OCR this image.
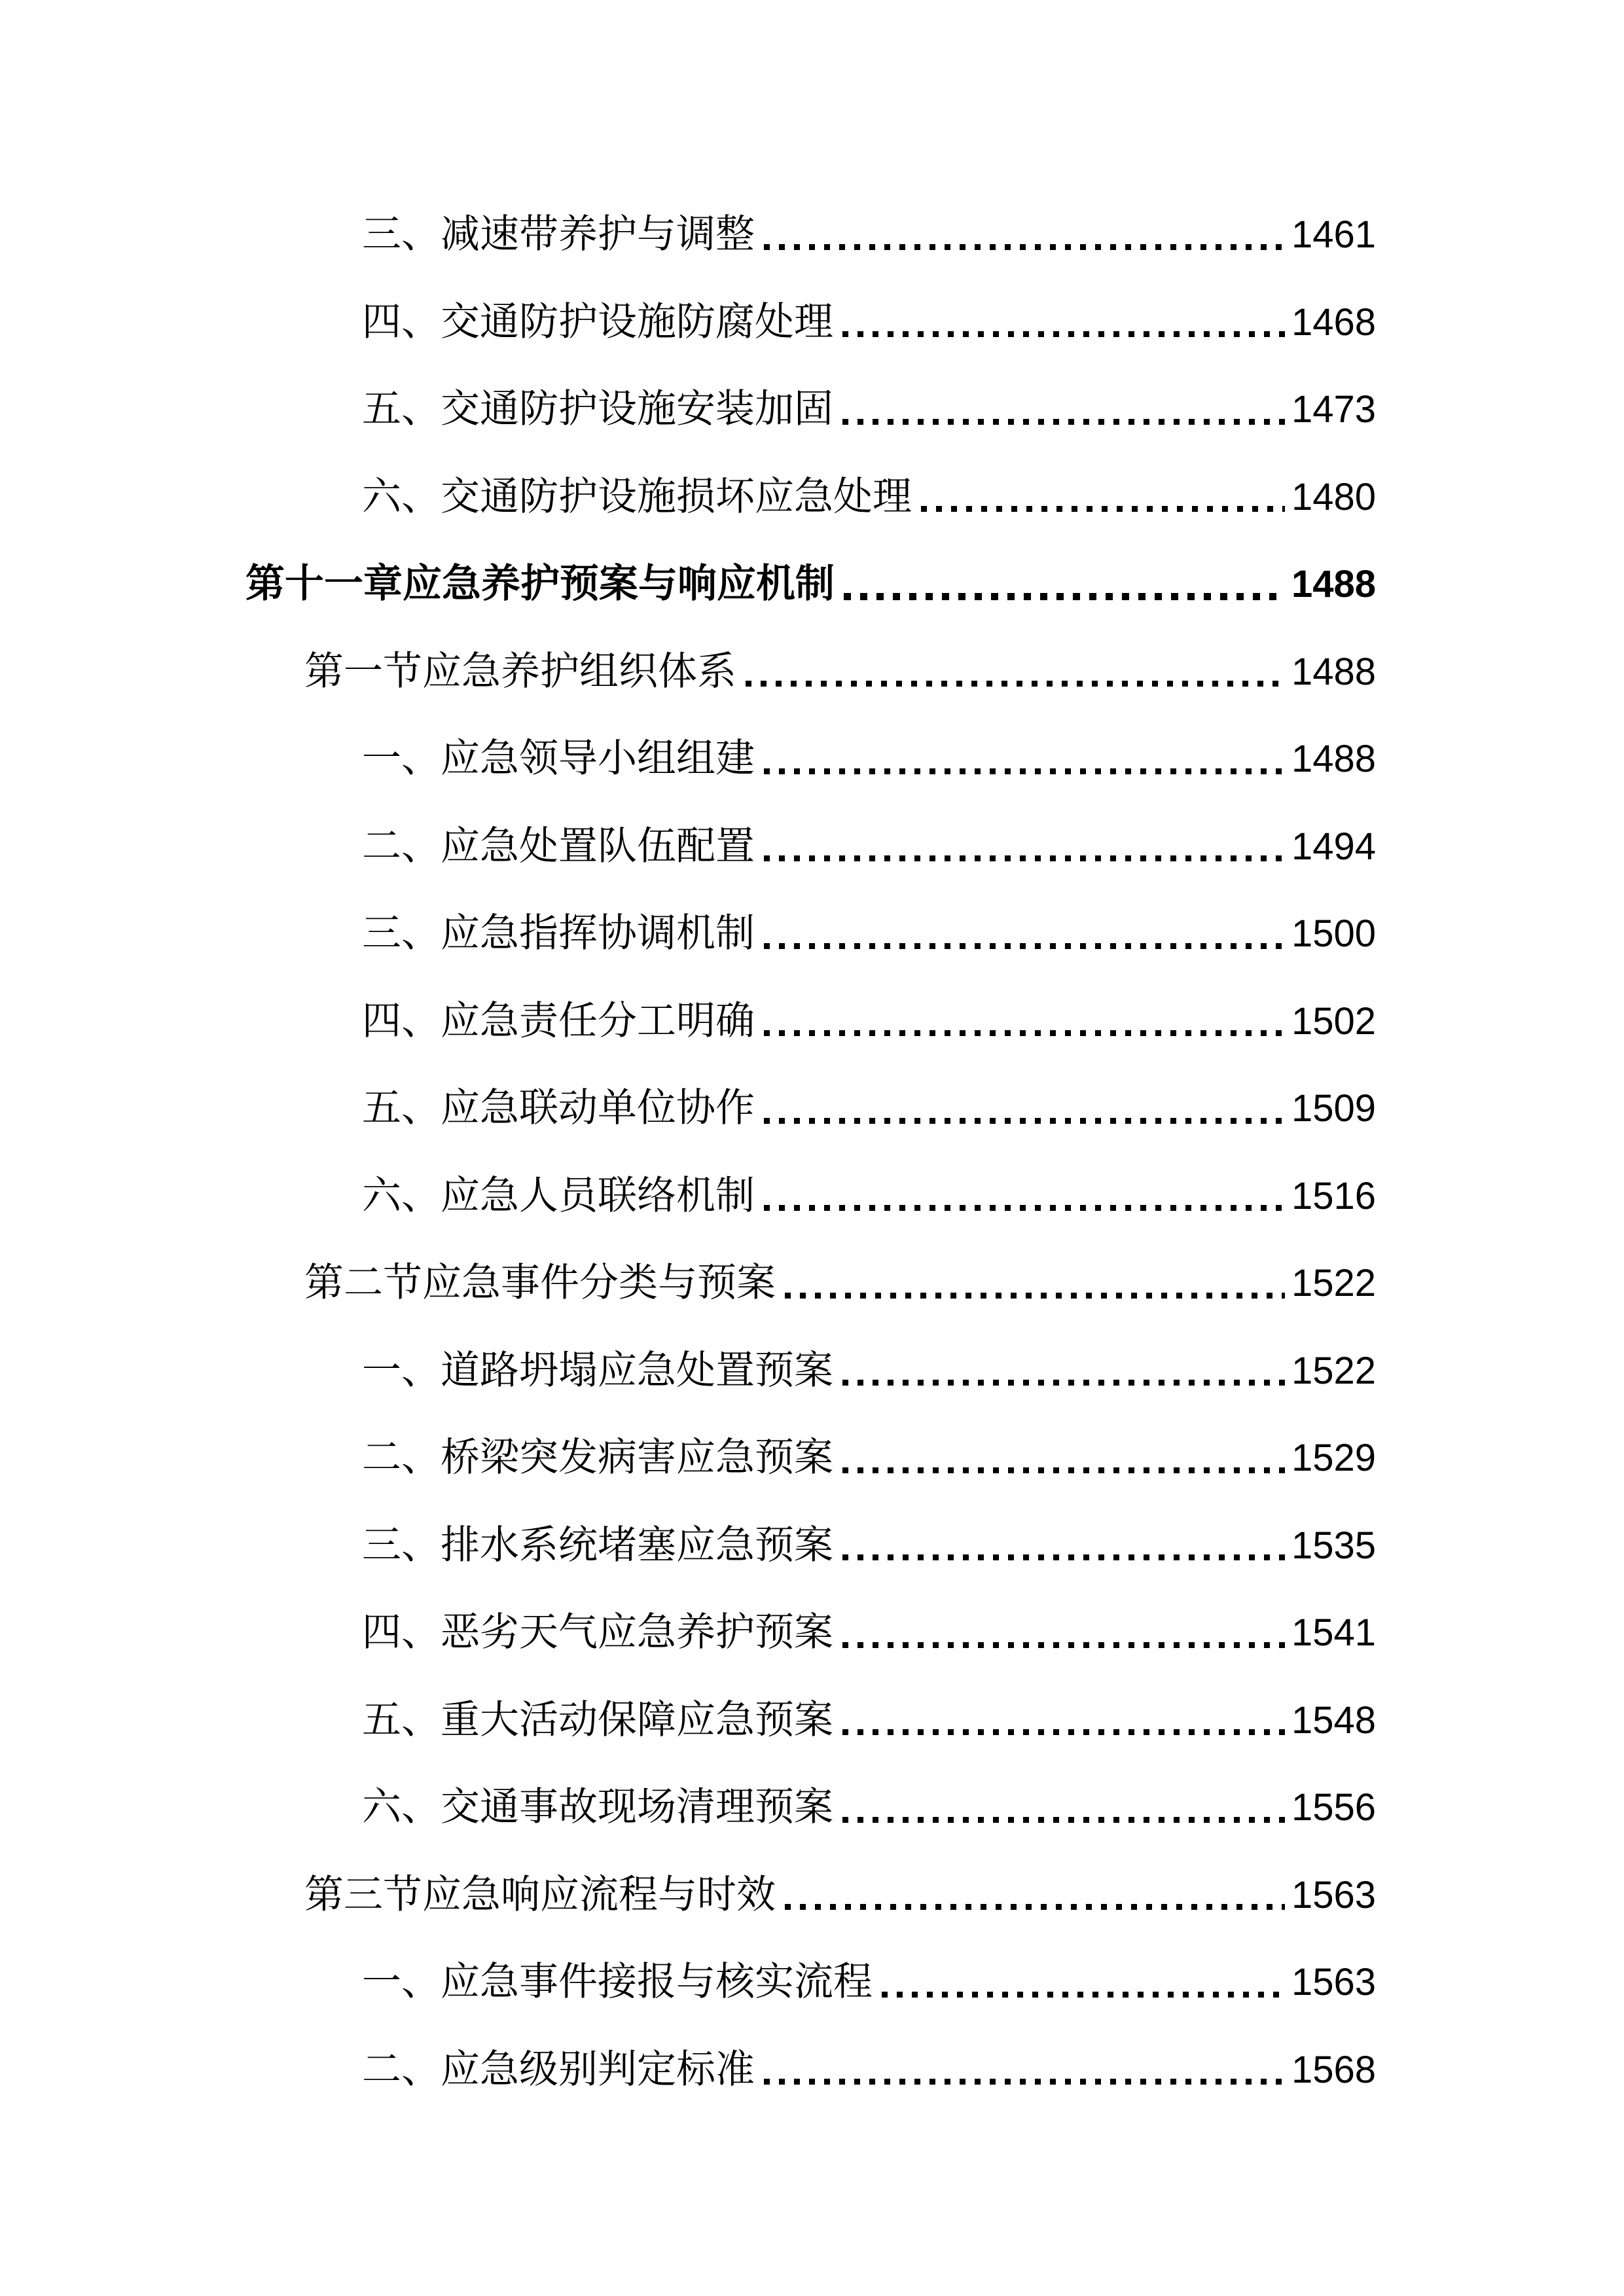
三、减速带养护与调整	1461
四、交通防护设施防腐处理	1468
五、交通防护设施安装加固	1473
六、交通防护设施损坏应急处理	1480
第十一章应急养护预案与响应机制	1488
第一节应急养护组织体系	1488
一、应急领导小组组建	1488
二、应急处置队伍配置	1494
三、应急指挥协调机制	1500
四、应急责任分工明确	1502
五、应急联动单位协作	1509
六、应急人员联络机制	1516
第二节应急事件分类与预案	1522
一、道路坍塌应急处置预案	1522
二、桥梁突发病害应急预案	1529
三、排水系统堵塞应急预案	1535
四、恶劣天气应急养护预案	1541
五、重大活动保障应急预案	1548
六、交通事故现场清理预案	1556
第三节应急响应流程与时效	1563
一、应急事件接报与核实流程	1563
二、应急级别判定标准	1568
